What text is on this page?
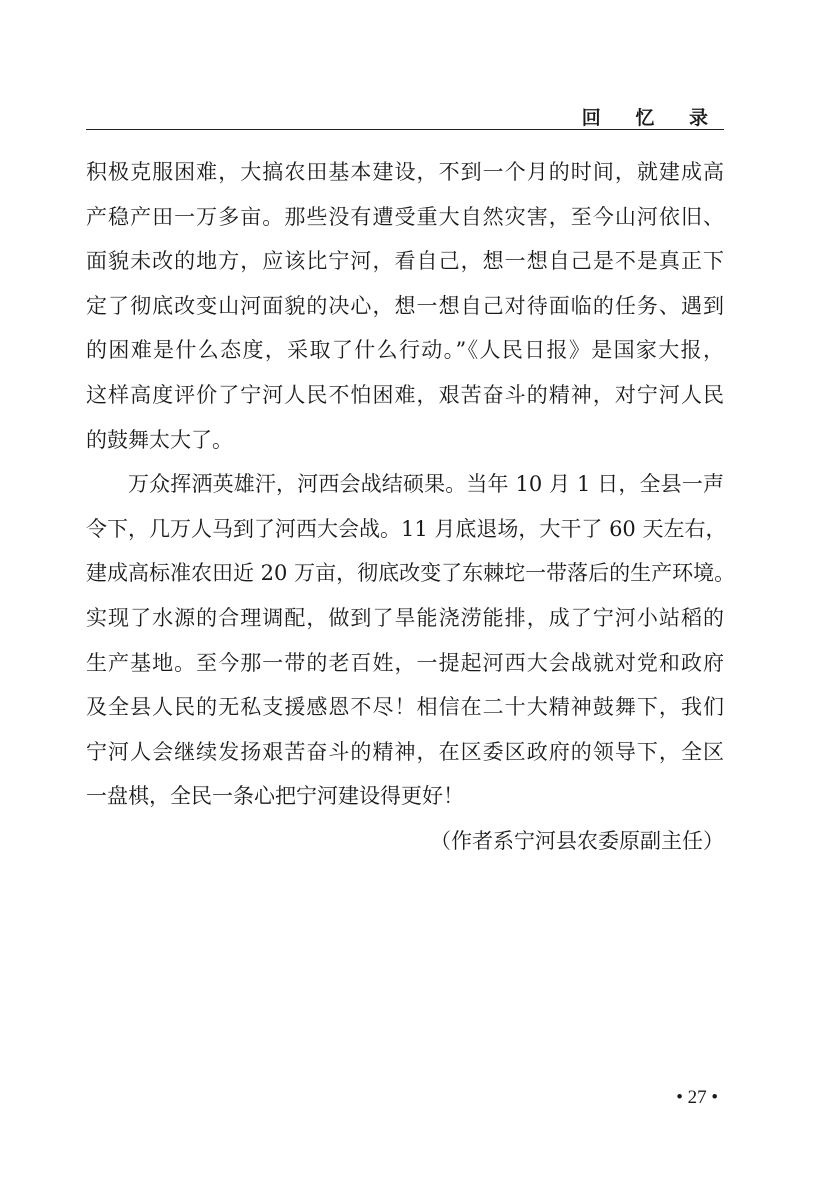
回 忆 录
积极克服困难，大搞农田基本建设，不到一个月的时间，就建成高
产稳产田一万多亩。那些没有遭受重大自然灾害，至今山河依旧、
面貌未改的地方，应该比宁河，看自己，想一想自己是不是真正下
定了彻底改变山河面貌的决心，想一想自己对待面临的任务、遇到
的困难是什么态度，采取了什么行动。”《人民日报》是国家大报，
这样高度评价了宁河人民不怕困难，艰苦奋斗的精神，对宁河人民
的鼓舞太大了。
万众挥洒英雄汗，河西会战结硕果。当年 10 月 1 日，全县一声
令下，几万人马到了河西大会战。11 月底退场，大干了 60 天左右，
建成高标准农田近 20 万亩，彻底改变了东棘坨一带落后的生产环境。
实现了水源的合理调配，做到了旱能浇涝能排，成了宁河小站稻的
生产基地。至今那一带的老百姓，一提起河西大会战就对党和政府
及全县人民的无私支援感恩不尽！相信在二十大精神鼓舞下，我们
宁河人会继续发扬艰苦奋斗的精神，在区委区政府的领导下，全区
一盘棋，全民一条心把宁河建设得更好！
（作者系宁河县农委原副主任）
• 27 •
